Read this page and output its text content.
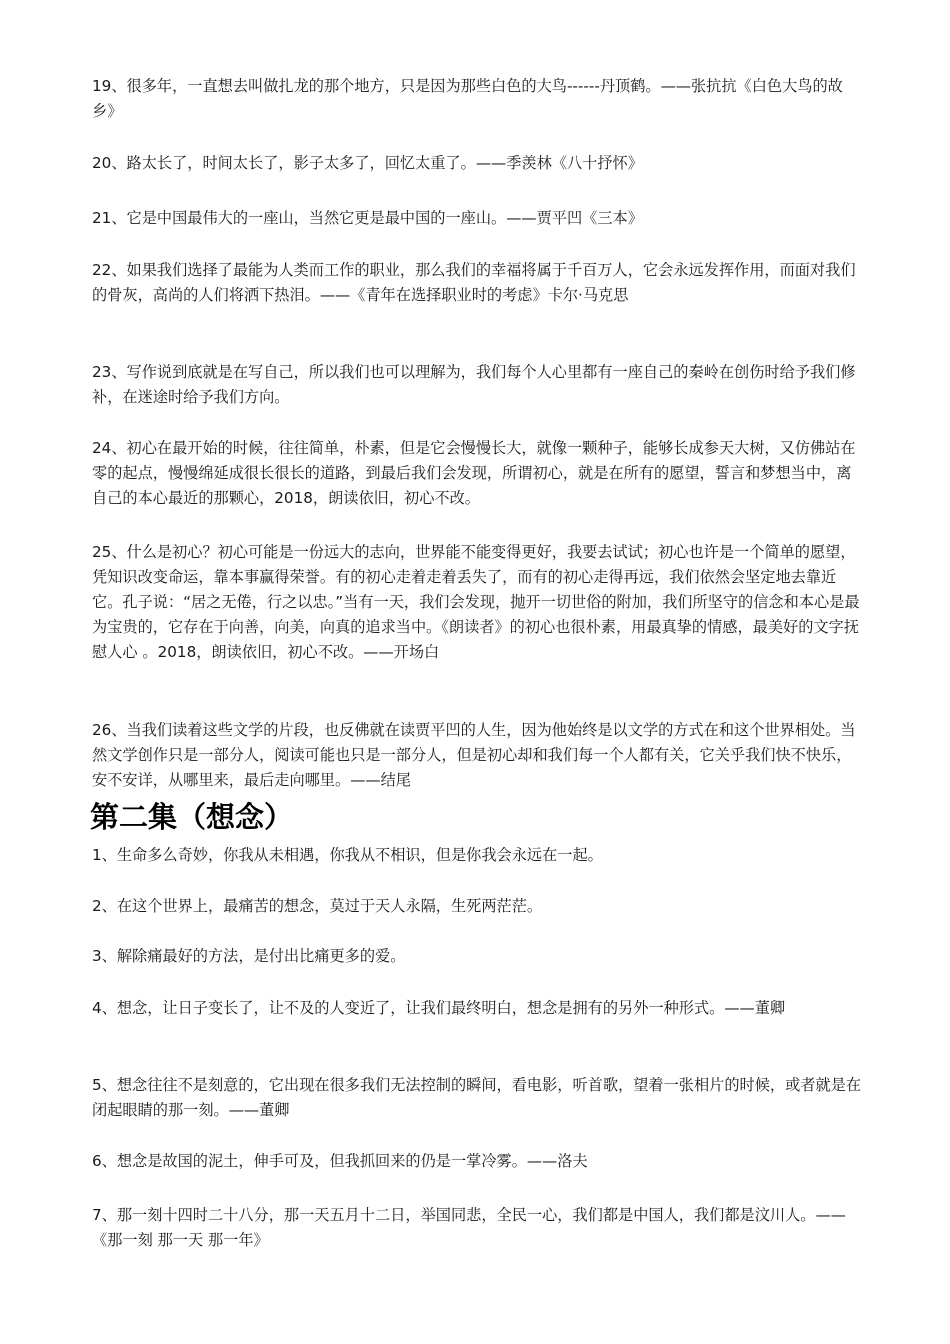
19、很多年，一直想去叫做扎龙的那个地方，只是因为那些白色的大鸟------丹顶鹤。——张抗抗《白色大鸟的故乡》

20、路太长了，时间太长了，影子太多了，回忆太重了。——季羡林《八十抒怀》

21、它是中国最伟大的一座山，当然它更是最中国的一座山。——贾平凹《三本》

22、如果我们选择了最能为人类而工作的职业，那么我们的幸福将属于千百万人，它会永远发挥作用，而面对我们的骨灰，高尚的人们将洒下热泪。——《青年在选择职业时的考虑》卡尔·马克思

23、写作说到底就是在写自己，所以我们也可以理解为，我们每个人心里都有一座自己的秦岭在创伤时给予我们修补，在迷途时给予我们方向。

24、初心在最开始的时候，往往简单，朴素，但是它会慢慢长大，就像一颗种子，能够长成参天大树，又仿佛站在零的起点，慢慢绵延成很长很长的道路，到最后我们会发现，所谓初心，就是在所有的愿望，誓言和梦想当中，离自己的本心最近的那颗心，2018，朗读依旧，初心不改。

25、什么是初心？初心可能是一份远大的志向，世界能不能变得更好，我要去试试；初心也许是一个简单的愿望，凭知识改变命运，靠本事赢得荣誉。有的初心走着走着丢失了，而有的初心走得再远，我们依然会坚定地去靠近它。孔子说：“居之无倦，行之以忠。”当有一天，我们会发现，抛开一切世俗的附加，我们所坚守的信念和本心是最为宝贵的，它存在于向善，向美，向真的追求当中。《朗读者》的初心也很朴素，用最真挚的情感，最美好的文字抚慰人心 。2018，朗读依旧，初心不改。——开场白

26、当我们读着这些文学的片段，也反佛就在读贾平凹的人生，因为他始终是以文学的方式在和这个世界相处。当然文学创作只是一部分人，阅读可能也只是一部分人，但是初心却和我们每一个人都有关，它关乎我们快不快乐，安不安详，从哪里来，最后走向哪里。——结尾

第二集（想念）

1、生命多么奇妙，你我从未相遇，你我从不相识，但是你我会永远在一起。

2、在这个世界上，最痛苦的想念，莫过于天人永隔，生死两茫茫。

3、解除痛最好的方法，是付出比痛更多的爱。

4、想念，让日子变长了，让不及的人变近了，让我们最终明白，想念是拥有的另外一种形式。——董卿

5、想念往往不是刻意的，它出现在很多我们无法控制的瞬间，看电影，听首歌，望着一张相片的时候，或者就是在闭起眼睛的那一刻。——董卿

6、想念是故国的泥土，伸手可及，但我抓回来的仍是一掌冷雾。——洛夫

7、那一刻十四时二十八分，那一天五月十二日，举国同悲，全民一心，我们都是中国人，我们都是汶川人。——《那一刻 那一天 那一年》
